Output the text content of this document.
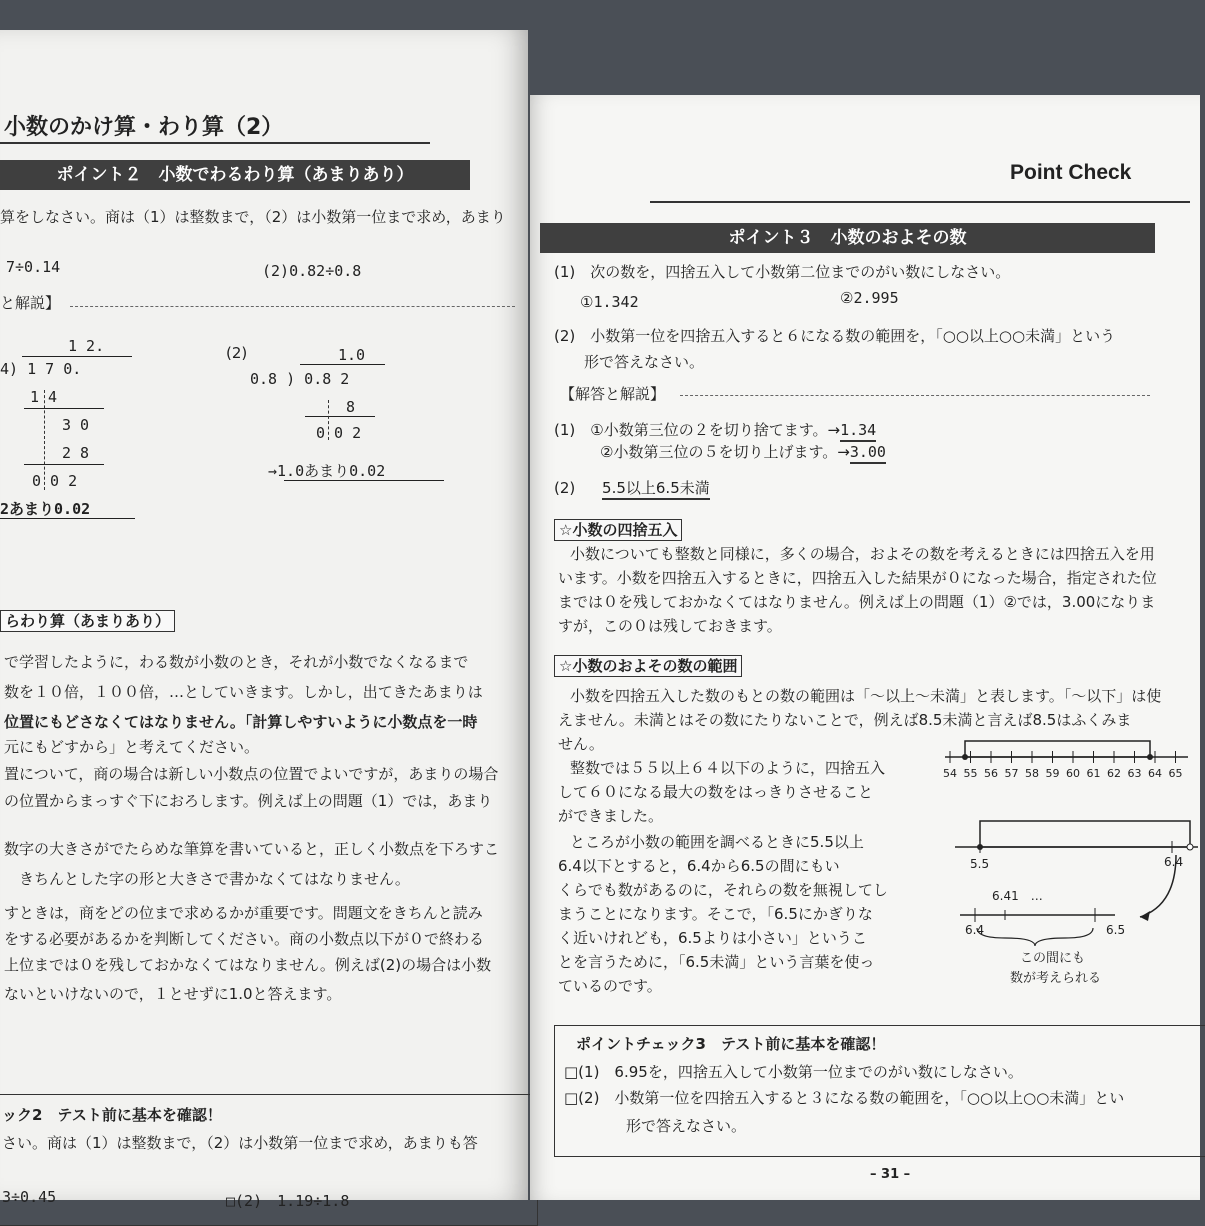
小数のかけ算・わり算（2）
ポイント２　小数でわるわり算（あまりあり）
算をしなさい。商は（1）は整数まで，（2）は小数第一位まで求め，あまり
7÷0.14	(2)0.82÷0.8
と解説】
1 2.
4) 1 7 0.
1 4
3 0
2 8
0 0 2
2あまり0.02
(2)	1.0
0.8 ) 0.8 2
8
0 0 2
→1.0あまり0.02
らわり算（あまりあり）
で学習したように，わる数が小数のとき，それが小数でなくなるまで
数を１０倍，１００倍，…としていきます。しかし，出てきたあまりは
位置にもどさなくてはなりません。「計算しやすいように小数点を一時
元にもどすから」と考えてください。
置について，商の場合は新しい小数点の位置でよいですが，あまりの場合
の位置からまっすぐ下におろします。例えば上の問題（1）では，あまり
数字の大きさがでたらめな筆算を書いていると，正しく小数点を下ろすこ
　きちんとした字の形と大きさで書かなくてはなりません。
すときは，商をどの位まで求めるかが重要です。問題文をきちんと読み
をする必要があるかを判断してください。商の小数点以下が０で終わる
上位までは０を残しておかなくてはなりません。例えば(2)の場合は小数
ないといけないので，１とせずに1.0と答えます。
ック2　テスト前に基本を確認！
さい。商は（1）は整数まで，（2）は小数第一位まで求め，あまりも答
3÷0.45	□(2)　1.19÷1.8
Point Check
ポイント３　小数のおよその数
(1)　次の数を，四捨五入して小数第二位までのがい数にしなさい。
①1.342	②2.995
(2)　小数第一位を四捨五入すると６になる数の範囲を，「○○以上○○未満」という
形で答えなさい。
【解答と解説】
(1)　①小数第三位の２を切り捨てます。→1.34
②小数第三位の５を切り上げます。→3.00
(2) 5.5以上6.5未満
☆小数の四捨五入
小数についても整数と同様に，多くの場合，およその数を考えるときには四捨五入を用
います。小数を四捨五入するときに，四捨五入した結果が０になった場合，指定された位
までは０を残しておかなくてはなりません。例えば上の問題（1）②では，3.00になりま
すが，この０は残しておきます。
☆小数のおよその数の範囲
小数を四捨五入した数のもとの数の範囲は「〜以上〜未満」と表します。「〜以下」は使
えません。未満とはその数にたりないことで，例えば8.5未満と言えば8.5はふくみま
せん。
整数では５５以上６４以下のように，四捨五入
して６０になる最大の数をはっきりさせること
ができました。
ところが小数の範囲を調べるときに5.5以上
6.4以下とすると，6.4から6.5の間にもい
くらでも数があるのに，それらの数を無視してし
まうことになります。そこで，「6.5にかぎりな
く近いけれども，6.5よりは小さい」というこ
とを言うために，「6.5未満」という言葉を使っ
ているのです。
54 55 56 57 58 59 60 61 62 63 64 65
5.5	6.4
6.41　…
6.4	6.5
この間にも
数が考えられる
ポイントチェック3　テスト前に基本を確認！
□(1)　6.95を，四捨五入して小数第一位までのがい数にしなさい。
□(2)　小数第一位を四捨五入すると３になる数の範囲を，「○○以上○○未満」とい
形で答えなさい。
– 31 –
